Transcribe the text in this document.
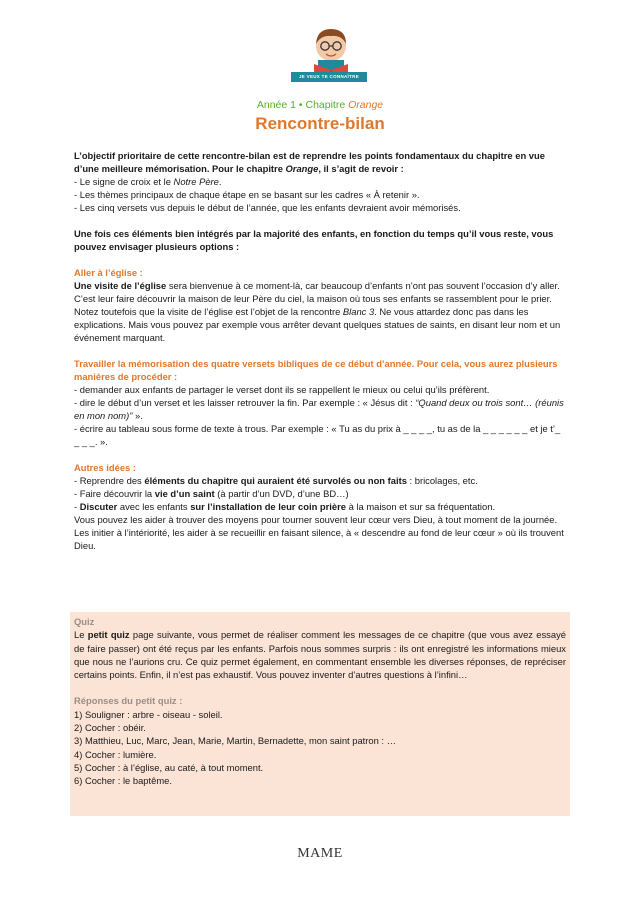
JE VEUX TE CONNAÎTRE
Année 1 • Chapitre Orange
Rencontre-bilan

L’objectif prioritaire de cette rencontre-bilan est de reprendre les points fondamentaux du chapitre en vue d’une meilleure mémorisation. Pour le chapitre Orange, il s’agit de revoir :

- Le signe de croix et le Notre Père.

- Les thèmes principaux de chaque étape en se basant sur les cadres « À retenir ».

- Les cinq versets vus depuis le début de l’année, que les enfants devraient avoir mémorisés.

Une fois ces éléments bien intégrés par la majorité des enfants, en fonction du temps qu’il vous reste, vous pouvez envisager plusieurs options :

Aller à l’église :

Une visite de l’église sera bienvenue à ce moment-là, car beaucoup d’enfants n’ont pas souvent l’occasion d’y aller. C’est leur faire découvrir la maison de leur Père du ciel, la maison où tous ses enfants se rassemblent pour le prier. Notez toutefois que la visite de l’église est l’objet de la rencontre Blanc 3. Ne vous attardez donc pas dans les explications. Mais vous pouvez par exemple vous arrêter devant quelques statues de saints, en disant leur nom et un événement marquant.

Travailler la mémorisation des quatre versets bibliques de ce début d’année. Pour cela, vous aurez plusieurs manières de procéder :

- demander aux enfants de partager le verset dont ils se rappellent le mieux ou celui qu’ils préfèrent.

- dire le début d’un verset et les laisser retrouver la fin. Par exemple : « Jésus dit : “Quand deux ou trois sont… (réunis en mon nom)” ».

- écrire au tableau sous forme de texte à trous. Par exemple : « Tu as du prix à _ _ _ _, tu as de la _ _ _ _ _ _ et je t’_ _ _ _. ».

Autres idées :

- Reprendre des éléments du chapitre qui auraient été survolés ou non faits : bricolages, etc.

- Faire découvrir la vie d’un saint (à partir d’un DVD, d’une BD…)

- Discuter avec les enfants sur l’installation de leur coin prière à la maison et sur sa fréquentation.

Vous pouvez les aider à trouver des moyens pour tourner souvent leur cœur vers Dieu, à tout moment de la journée. Les initier à l’intériorité, les aider à se recueillir en faisant silence, à « descendre au fond de leur cœur » où ils trouvent Dieu.

Quiz

Le petit quiz page suivante, vous permet de réaliser comment les messages de ce chapitre (que vous avez essayé de faire passer) ont été reçus par les enfants. Parfois nous sommes surpris : ils ont enregistré les informations mieux que nous ne l’aurions cru. Ce quiz permet également, en commentant ensemble les diverses réponses, de repréciser certains points. Enfin, il n’est pas exhaustif. Vous pouvez inventer d’autres questions à l’infini…

Réponses du petit quiz :

1) Souligner : arbre - oiseau - soleil.

2) Cocher : obéir.

3) Matthieu, Luc, Marc, Jean, Marie, Martin, Bernadette, mon saint patron : …

4) Cocher : lumière.

5) Cocher : à l’église, au caté, à tout moment.

6) Cocher : le baptême.

MAME
